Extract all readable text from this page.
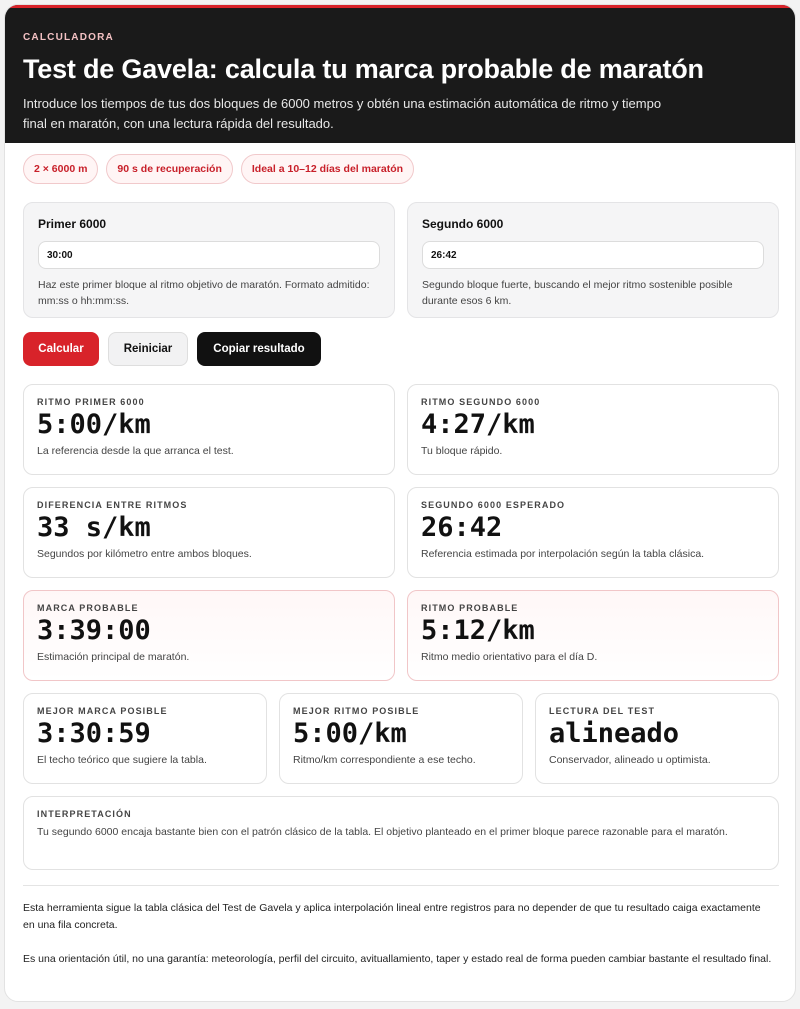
CALCULADORA
Test de Gavela: calcula tu marca probable de maratón

Introduce los tiempos de tus dos bloques de 6000 metros y obtén una estimación automática de ritmo y tiempo final en maratón, con una lectura rápida del resultado.

2 × 6000 m	90 s de recuperación	Ideal a 10–12 días del maratón
Primer 6000
30:00
Haz este primer bloque al ritmo objetivo de maratón. Formato admitido: mm:ss o hh:mm:ss.
Segundo 6000
26:42
Segundo bloque fuerte, buscando el mejor ritmo sostenible posible durante esos 6 km.
Calcular	Reiniciar	Copiar resultado
RITMO PRIMER 6000
5:00/km
La referencia desde la que arranca el test.
RITMO SEGUNDO 6000
4:27/km
Tu bloque rápido.
DIFERENCIA ENTRE RITMOS
33 s/km
Segundos por kilómetro entre ambos bloques.
SEGUNDO 6000 ESPERADO
26:42
Referencia estimada por interpolación según la tabla clásica.
MARCA PROBABLE
3:39:00
Estimación principal de maratón.
RITMO PROBABLE
5:12/km
Ritmo medio orientativo para el día D.
MEJOR MARCA POSIBLE
3:30:59
El techo teórico que sugiere la tabla.
MEJOR RITMO POSIBLE
5:00/km
Ritmo/km correspondiente a ese techo.
LECTURA DEL TEST
alineado
Conservador, alineado u optimista.
INTERPRETACIÓN
Tu segundo 6000 encaja bastante bien con el patrón clásico de la tabla. El objetivo planteado en el primer bloque parece razonable para el maratón.
Esta herramienta sigue la tabla clásica del Test de Gavela y aplica interpolación lineal entre registros para no depender de que tu resultado caiga exactamente en una fila concreta.
Es una orientación útil, no una garantía: meteorología, perfil del circuito, avituallamiento, taper y estado real de forma pueden cambiar bastante el resultado final.
